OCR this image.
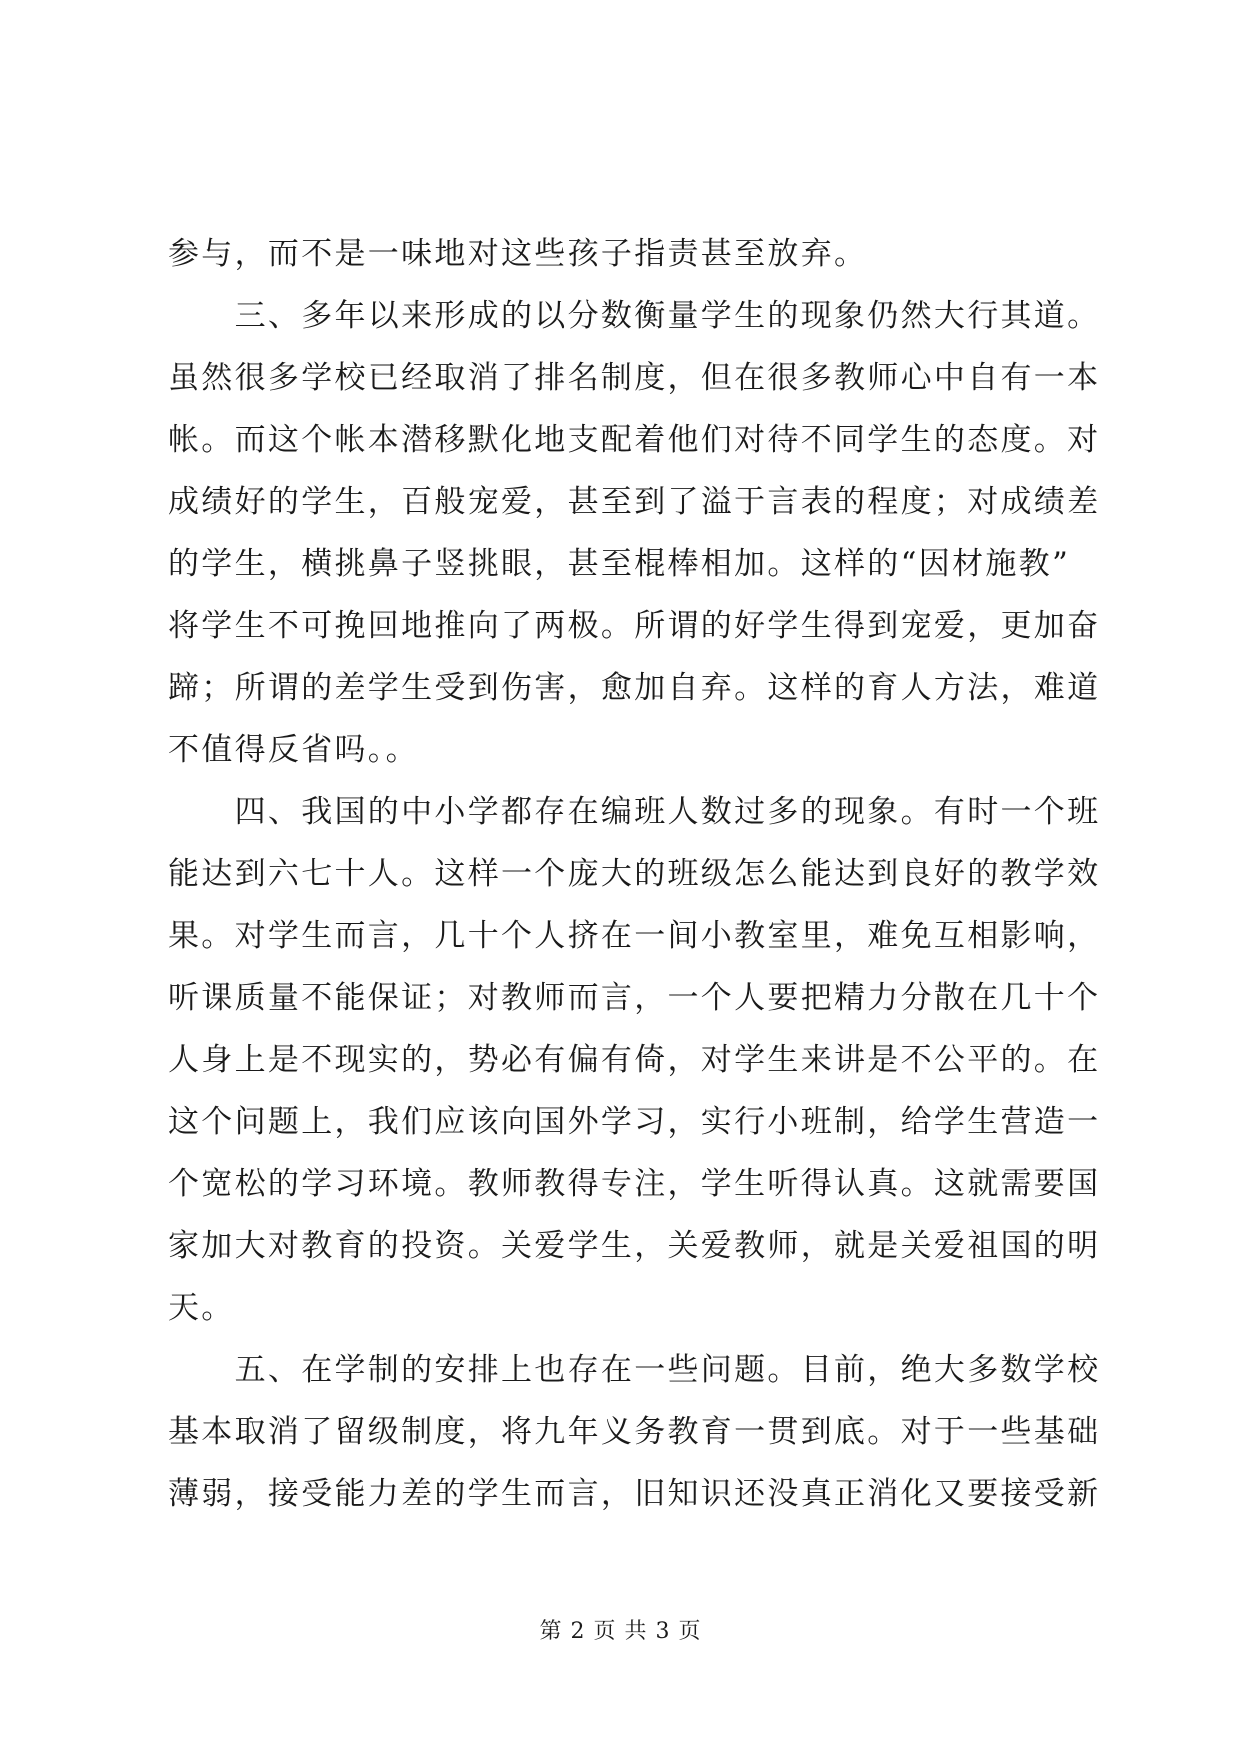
参与，而不是一味地对这些孩子指责甚至放弃。
　　三、多年以来形成的以分数衡量学生的现象仍然大行其道。
虽然很多学校已经取消了排名制度，但在很多教师心中自有一本
帐。而这个帐本潜移默化地支配着他们对待不同学生的态度。对
成绩好的学生，百般宠爱，甚至到了溢于言表的程度；对成绩差
的学生，横挑鼻子竖挑眼，甚至棍棒相加。这样的“因材施教”
将学生不可挽回地推向了两极。所谓的好学生得到宠爱，更加奋
蹄；所谓的差学生受到伤害，愈加自弃。这样的育人方法，难道
不值得反省吗。。
　　四、我国的中小学都存在编班人数过多的现象。有时一个班
能达到六七十人。这样一个庞大的班级怎么能达到良好的教学效
果。对学生而言，几十个人挤在一间小教室里，难免互相影响，
听课质量不能保证；对教师而言，一个人要把精力分散在几十个
人身上是不现实的，势必有偏有倚，对学生来讲是不公平的。在
这个问题上，我们应该向国外学习，实行小班制，给学生营造一
个宽松的学习环境。教师教得专注，学生听得认真。这就需要国
家加大对教育的投资。关爱学生，关爱教师，就是关爱祖国的明
天。
　　五、在学制的安排上也存在一些问题。目前，绝大多数学校
基本取消了留级制度，将九年义务教育一贯到底。对于一些基础
薄弱，接受能力差的学生而言，旧知识还没真正消化又要接受新
第 2 页 共 3 页
